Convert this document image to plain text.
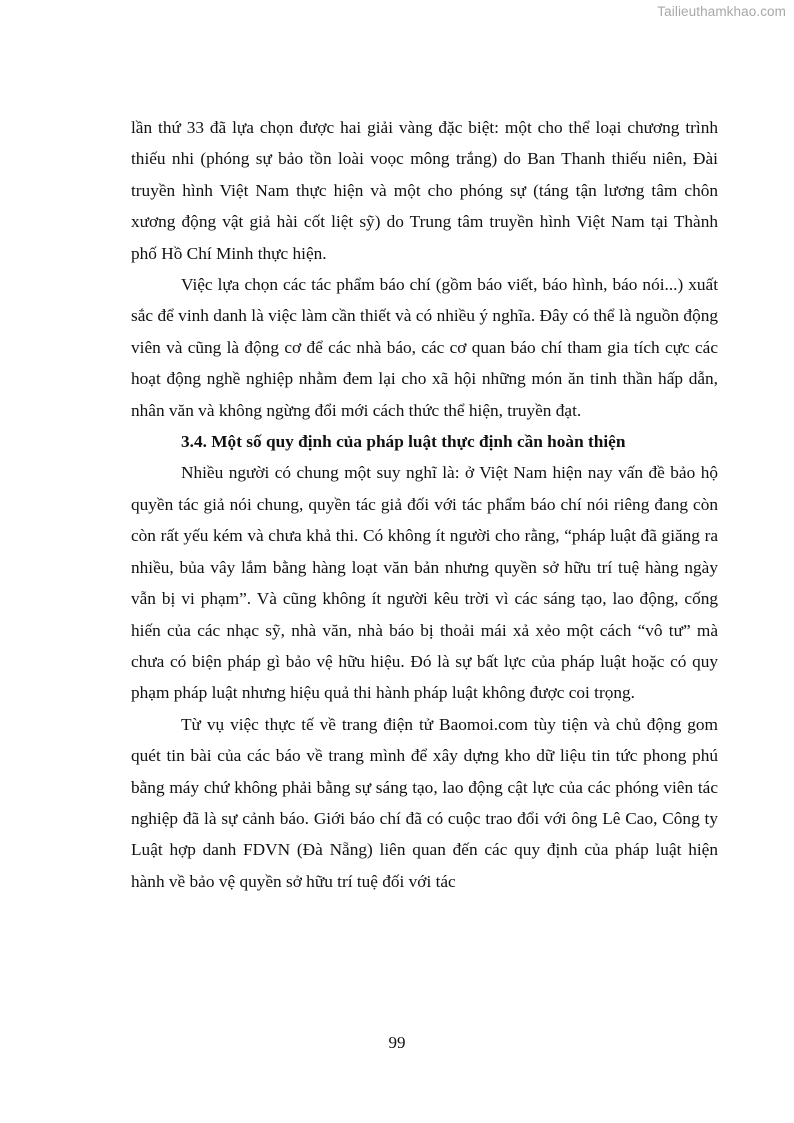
Tailieuthamkhao.com

lần thứ 33 đã lựa chọn được hai giải vàng đặc biệt: một cho thể loại chương trình thiếu nhi (phóng sự bảo tồn loài voọc mông trắng) do Ban Thanh thiếu niên, Đài truyền hình Việt Nam thực hiện và một cho phóng sự (táng tận lương tâm chôn xương động vật giả hài cốt liệt sỹ) do Trung tâm truyền hình Việt Nam tại Thành phố Hồ Chí Minh thực hiện.

Việc lựa chọn các tác phẩm báo chí (gồm báo viết, báo hình, báo nói...) xuất sắc để vinh danh là việc làm cần thiết và có nhiều ý nghĩa. Đây có thể là nguồn động viên và cũng là động cơ để các nhà báo, các cơ quan báo chí tham gia tích cực các hoạt động nghề nghiệp nhằm đem lại cho xã hội những món ăn tinh thần hấp dẫn, nhân văn và không ngừng đổi mới cách thức thể hiện, truyền đạt.

3.4. Một số quy định của pháp luật thực định cần hoàn thiện

Nhiều người có chung một suy nghĩ là: ở Việt Nam hiện nay vấn đề bảo hộ quyền tác giả nói chung, quyền tác giả đối với tác phẩm báo chí nói riêng đang còn còn rất yếu kém và chưa khả thi. Có không ít người cho rằng, “pháp luật đã giăng ra nhiều, bủa vây lắm bằng hàng loạt văn bản nhưng quyền sở hữu trí tuệ hàng ngày vẫn bị vi phạm”. Và cũng không ít người kêu trời vì các sáng tạo, lao động, cống hiến của các nhạc sỹ, nhà văn, nhà báo bị thoải mái xả xẻo một cách “vô tư” mà chưa có biện pháp gì bảo vệ hữu hiệu. Đó là sự bất lực của pháp luật hoặc có quy phạm pháp luật nhưng hiệu quả thi hành pháp luật không được coi trọng.

Từ vụ việc thực tế về trang điện tử Baomoi.com tùy tiện và chủ động gom quét tin bài của các báo về trang mình để xây dựng kho dữ liệu tin tức phong phú bằng máy chứ không phải bằng sự sáng tạo, lao động cật lực của các phóng viên tác nghiệp đã là sự cảnh báo. Giới báo chí đã có cuộc trao đổi với ông Lê Cao, Công ty Luật hợp danh FDVN (Đà Nẵng) liên quan đến các quy định của pháp luật hiện hành về bảo vệ quyền sở hữu trí tuệ đối với tác

99
